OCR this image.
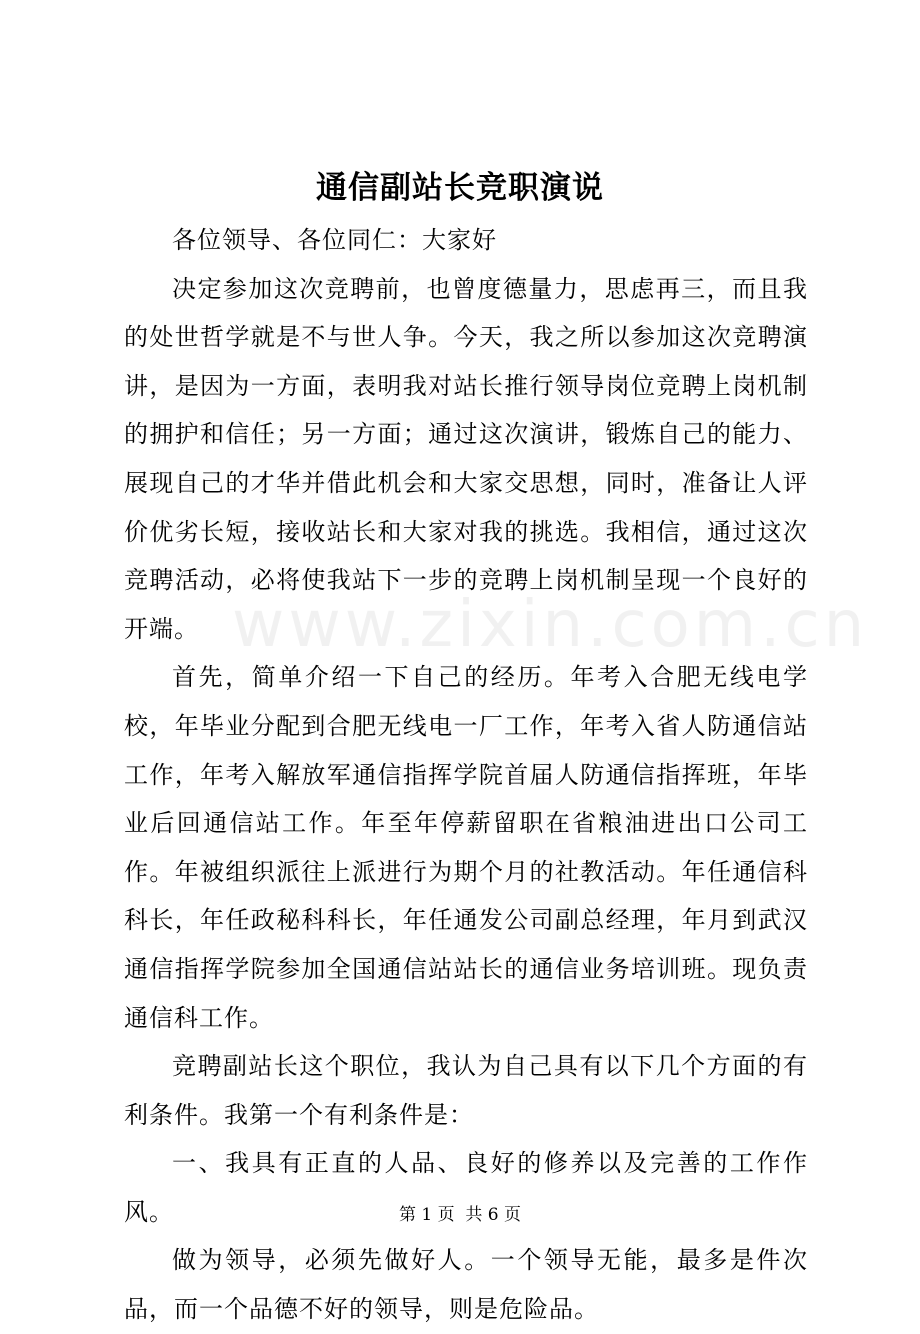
www.zixin.com.cn
通信副站长竞职演说

各位领导、各位同仁：大家好

决定参加这次竞聘前，也曾度德量力，思虑再三，而且我的处世哲学就是不与世人争。今天，我之所以参加这次竞聘演讲，是因为一方面，表明我对站长推行领导岗位竞聘上岗机制的拥护和信任；另一方面；通过这次演讲，锻炼自己的能力、展现自己的才华并借此机会和大家交思想，同时，准备让人评价优劣长短，接收站长和大家对我的挑选。我相信，通过这次竞聘活动，必将使我站下一步的竞聘上岗机制呈现一个良好的开端。

首先，简单介绍一下自己的经历。年考入合肥无线电学校，年毕业分配到合肥无线电一厂工作，年考入省人防通信站工作，年考入解放军通信指挥学院首届人防通信指挥班，年毕业后回通信站工作。年至年停薪留职在省粮油进出口公司工作。年被组织派往上派进行为期个月的社教活动。年任通信科科长，年任政秘科科长，年任通发公司副总经理，年月到武汉通信指挥学院参加全国通信站站长的通信业务培训班。现负责通信科工作。

竞聘副站长这个职位，我认为自己具有以下几个方面的有利条件。我第一个有利条件是：

一、我具有正直的人品、良好的修养以及完善的工作作风。

做为领导，必须先做好人。一个领导无能，最多是件次品，而一个品德不好的领导，则是危险品。

第 1 页 共 6 页
